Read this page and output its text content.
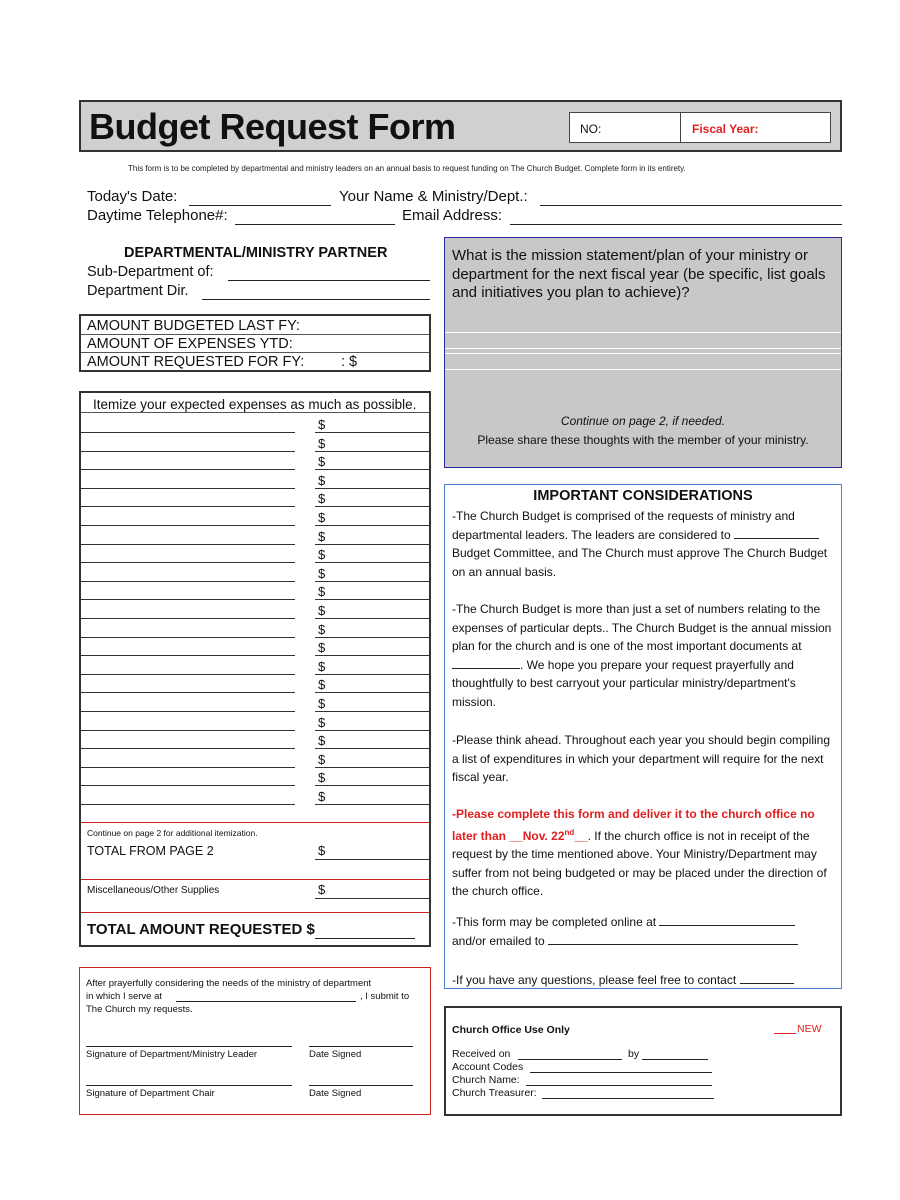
Budget Request Form	NO:	Fiscal Year:
This form is to be completed by departmental and ministry leaders on an annual basis to request funding on The Church Budget. Complete form in its entirety.
Today's Date:	Your Name & Ministry/Dept.:
Daytime Telephone#:	Email Address:
DEPARTMENTAL/MINISTRY PARTNER
Sub-Department of:
Department Dir.
AMOUNT BUDGETED LAST FY:
AMOUNT OF EXPENSES YTD:
AMOUNT REQUESTED FOR FY:	: $
Itemize your expected expenses as much as possible.
$
$
$
$
$
$
$
$
$
$
$
$
$
$
$
$
$
$
$
$
$
Continue on page 2 for additional itemization.
TOTAL FROM PAGE 2	$
Miscellaneous/Other Supplies	$
TOTAL AMOUNT REQUESTED $
After prayerfully considering the needs of the ministry of department
in which I serve at	, I submit to
The Church my requests.
Signature of Department/Ministry Leader	Date Signed
Signature of Department Chair	Date Signed
What is the mission statement/plan of your ministry or department for the next fiscal year (be specific, list goals and initiatives you plan to achieve)?
Continue on page 2, if needed.
Please share these thoughts with the member of your ministry.
IMPORTANT CONSIDERATIONS
-The Church Budget is comprised of the requests of ministry and departmental leaders. The leaders are considered to  Budget Committee, and The Church must approve The Church Budget on an annual basis.
-The Church Budget is more than just a set of numbers relating to the expenses of particular depts.. The Church Budget is the annual mission plan for the church and is one of the most important documents at . We hope you prepare your request prayerfully and thoughtfully to best carryout your particular ministry/department's mission.
-Please think ahead. Throughout each year you should begin compiling a list of expenditures in which your department will require for the next fiscal year.
-Please complete this form and deliver it to the church office no later than __Nov. 22nd__. If the church office is not in receipt of the request by the time mentioned above. Your Ministry/Department may suffer from not being budgeted or may be placed under the direction of the church office.
-This form may be completed online at
and/or emailed to
-If you have any questions, please feel free to contact
Church Office Use Only	NEW
Received on	by
Account Codes
Church Name:
Church Treasurer:
